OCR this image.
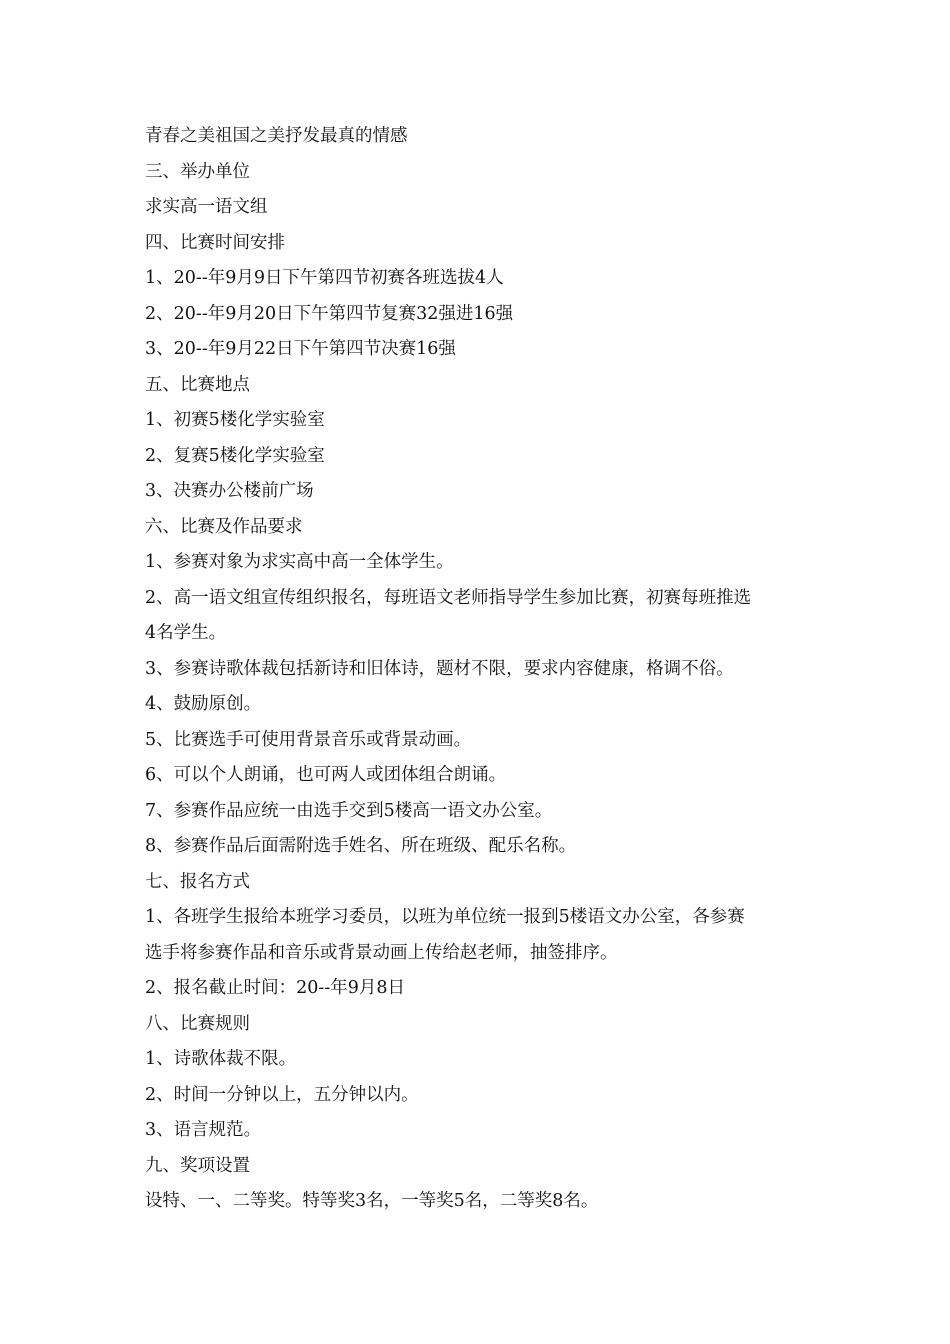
青春之美祖国之美抒发最真的情感
三、举办单位
求实高一语文组
四、比赛时间安排
1、20--年9月9日下午第四节初赛各班选拔4人
2、20--年9月20日下午第四节复赛32强进16强
3、20--年9月22日下午第四节决赛16强
五、比赛地点
1、初赛5楼化学实验室
2、复赛5楼化学实验室
3、决赛办公楼前广场
六、比赛及作品要求
1、参赛对象为求实高中高一全体学生。
2、高一语文组宣传组织报名，每班语文老师指导学生参加比赛，初赛每班推选
4名学生。
3、参赛诗歌体裁包括新诗和旧体诗，题材不限，要求内容健康，格调不俗。
4、鼓励原创。
5、比赛选手可使用背景音乐或背景动画。
6、可以个人朗诵，也可两人或团体组合朗诵。
7、参赛作品应统一由选手交到5楼高一语文办公室。
8、参赛作品后面需附选手姓名、所在班级、配乐名称。
七、报名方式
1、各班学生报给本班学习委员，以班为单位统一报到5楼语文办公室，各参赛
选手将参赛作品和音乐或背景动画上传给赵老师，抽签排序。
2、报名截止时间：20--年9月8日
八、比赛规则
1、诗歌体裁不限。
2、时间一分钟以上，五分钟以内。
3、语言规范。
九、奖项设置
设特、一、二等奖。特等奖3名，一等奖5名，二等奖8名。
